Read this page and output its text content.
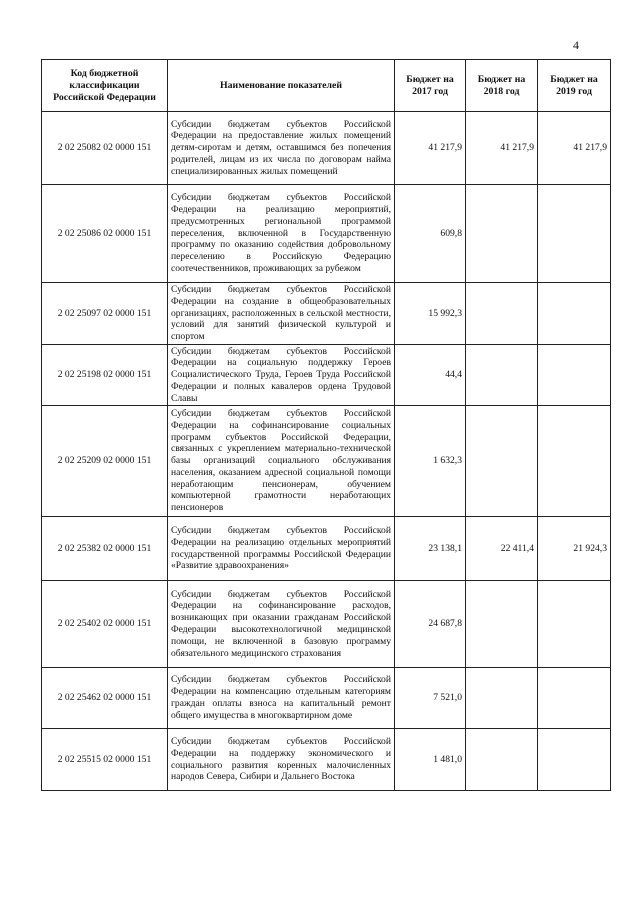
4
Код бюджетной классификации Российской Федерации	Наименование показателей	Бюджет на 2017 год	Бюджет на 2018 год	Бюджет на 2019 год
2 02 25082 02 0000 151	Субсидии бюджетам субъектов Российской Федерации на предоставление жилых помещений детям-сиротам и детям, оставшимся без попечения родителей, лицам из их числа по договорам найма специализированных жилых помещений	41 217,9	41 217,9	41 217,9
2 02 25086 02 0000 151	Субсидии бюджетам субъектов Российской Федерации на реализацию мероприятий, предусмотренных региональной программой переселения, включенной в Государственную программу по оказанию содействия добровольному переселению в Российскую Федерацию соотечественников, проживающих за рубежом	609,8		
2 02 25097 02 0000 151	Субсидии бюджетам субъектов Российской Федерации на создание в общеобразовательных организациях, расположенных в сельской местности, условий для занятий физической культурой и спортом	15 992,3		
2 02 25198 02 0000 151	Субсидии бюджетам субъектов Российской Федерации на социальную поддержку Героев Социалистического Труда, Героев Труда Российской Федерации и полных кавалеров ордена Трудовой Славы	44,4		
2 02 25209 02 0000 151	Субсидии бюджетам субъектов Российской Федерации на софинансирование социальных программ субъектов Российской Федерации, связанных с укреплением материально-технической базы организаций социального обслуживания населения, оказанием адресной социальной помощи неработающим пенсионерам, обучением компьютерной грамотности неработающих пенсионеров	1 632,3		
2 02 25382 02 0000 151	Субсидии бюджетам субъектов Российской Федерации на реализацию отдельных мероприятий государственной программы Российской Федерации «Развитие здравоохранения»	23 138,1	22 411,4	21 924,3
2 02 25402 02 0000 151	Субсидии бюджетам субъектов Российской Федерации на софинансирование расходов, возникающих при оказании гражданам Российской Федерации высокотехнологичной медицинской помощи, не включенной в базовую программу обязательного медицинского страхования	24 687,8		
2 02 25462 02 0000 151	Субсидии бюджетам субъектов Российской Федерации на компенсацию отдельным категориям граждан оплаты взноса на капитальный ремонт общего имущества в многоквартирном доме	7 521,0		
2 02 25515 02 0000 151	Субсидии бюджетам субъектов Российской Федерации на поддержку экономического и социального развития коренных малочисленных народов Севера, Сибири и Дальнего Востока	1 481,0		
